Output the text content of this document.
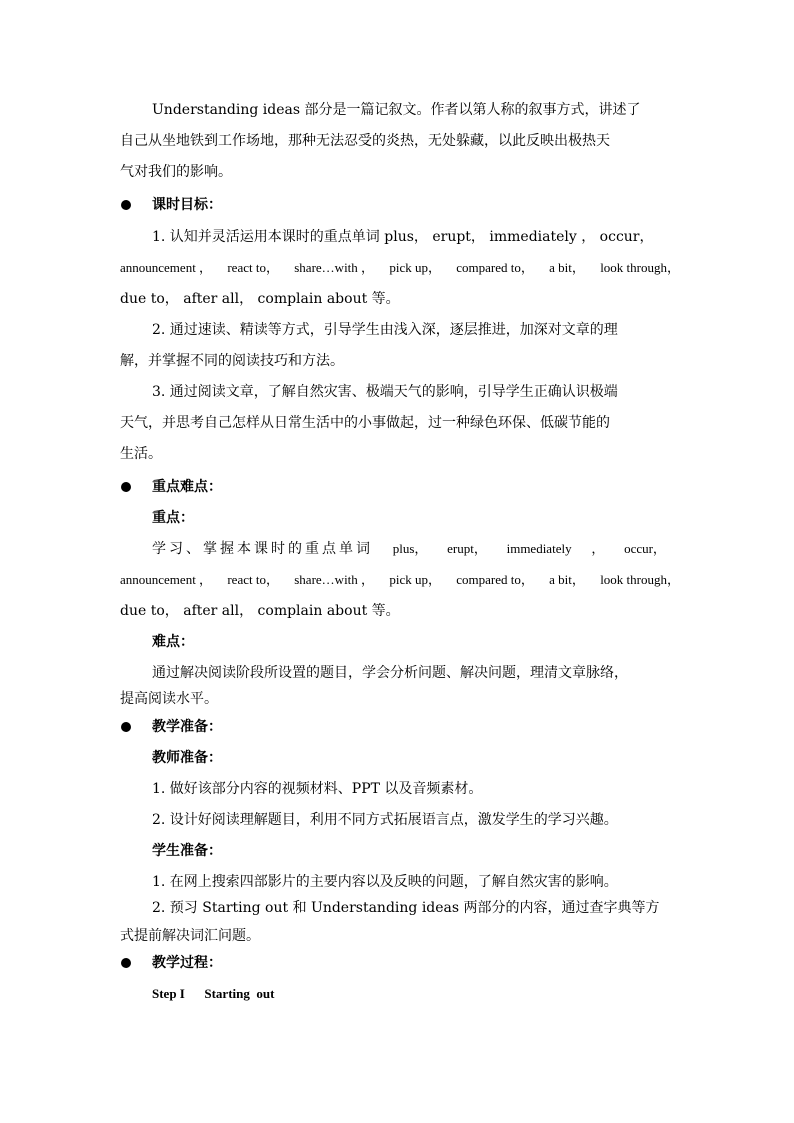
Understanding ideas 部分是一篇记叙文。作者以第人称的叙事方式，讲述了
自己从坐地铁到工作场地，那种无法忍受的炎热，无处躲藏，以此反映出极热天
气对我们的影响。
课时目标：
1. 认知并灵活运用本课时的重点单词 plus， erupt， immediately ， occur，
announcement ， react to， share…with ， pick up， compared to， a bit， look through，
due to， after all， complain about 等。
2. 通过速读、精读等方式，引导学生由浅入深，逐层推进，加深对文章的理
解，并掌握不同的阅读技巧和方法。
3. 通过阅读文章，了解自然灾害、极端天气的影响，引导学生正确认识极端
天气，并思考自己怎样从日常生活中的小事做起，过一种绿色环保、低碳节能的
生活。
重点难点：
重点：
学习、掌握本课时的重点单词 plus， erupt， immediately ， occur，
announcement ， react to， share…with ， pick up， compared to， a bit， look through，
due to， after all， complain about 等。
难点：
通过解决阅读阶段所设置的题目，学会分析问题、解决问题，理清文章脉络，
提高阅读水平。
教学准备：
教师准备：
1. 做好该部分内容的视频材料、PPT 以及音频素材。
2. 设计好阅读理解题目，利用不同方式拓展语言点，激发学生的学习兴趣。
学生准备：
1. 在网上搜索四部影片的主要内容以及反映的问题，了解自然灾害的影响。
2. 预习 Starting out 和 Understanding ideas 两部分的内容，通过查字典等方
式提前解决词汇问题。
教学过程：
Step I      Starting  out
